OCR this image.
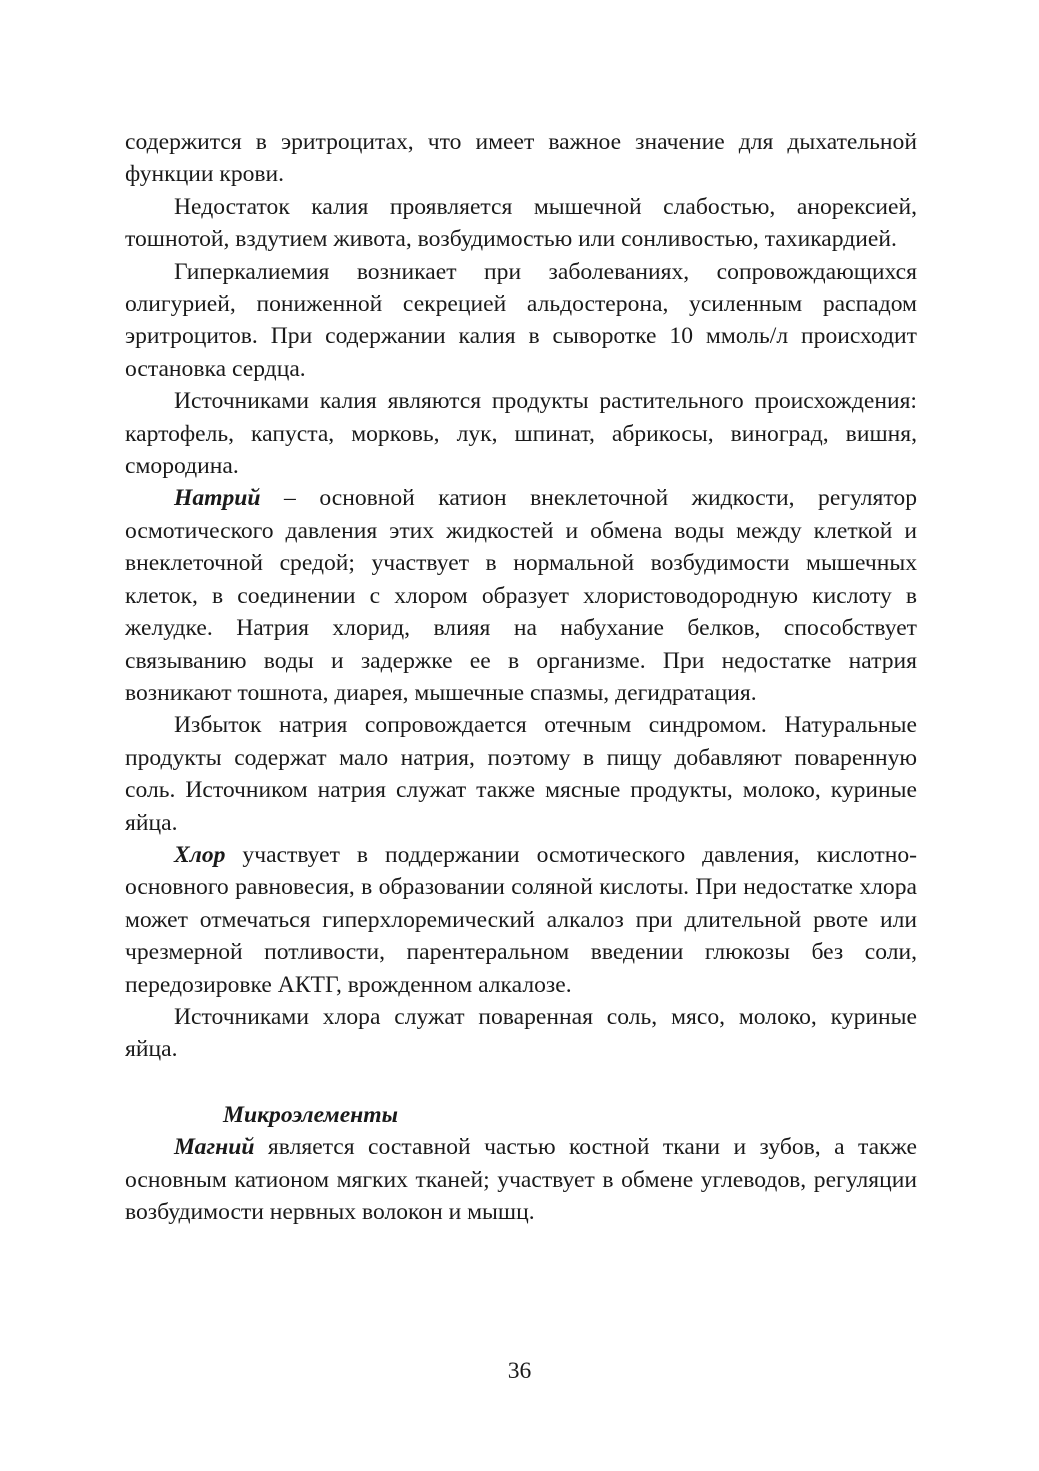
содержится в эритроцитах, что имеет важное значение для дыхательной функции крови.

Недостаток калия проявляется мышечной слабостью, анорексией, тошнотой, вздутием живота, возбудимостью или сонливостью, тахикардией.

Гиперкалиемия возникает при заболеваниях, сопровождающихся олигурией, пониженной секрецией альдостерона, усиленным распадом эритроцитов. При содержании калия в сыворотке 10 ммоль/л происходит остановка сердца.

Источниками калия являются продукты растительного происхождения: картофель, капуста, морковь, лук, шпинат, абрикосы, виноград, вишня, смородина.

Натрий – основной катион внеклеточной жидкости, регулятор осмотического давления этих жидкостей и обмена воды между клеткой и внеклеточной средой; участвует в нормальной возбудимости мышечных клеток, в соединении с хлором образует хлористоводородную кислоту в желудке. Натрия хлорид, влияя на набухание белков, способствует связыванию воды и задержке ее в организме. При недостатке натрия возникают тошнота, диарея, мышечные спазмы, дегидратация.

Избыток натрия сопровождается отечным синдромом. Натуральные продукты содержат мало натрия, поэтому в пищу добавляют поваренную соль. Источником натрия служат также мясные продукты, молоко, куриные яйца.

Хлор участвует в поддержании осмотического давления, кислотно-основного равновесия, в образовании соляной кислоты. При недостатке хлора может отмечаться гиперхлоремический алкалоз при длительной рвоте или чрезмерной потливости, парентеральном введении глюкозы без соли, передозировке АКТГ, врожденном алкалозе.

Источниками хлора служат поваренная соль, мясо, молоко, куриные яйца.

Микроэлементы

Магний является составной частью костной ткани и зубов, а также основным катионом мягких тканей; участвует в обмене углеводов, регуляции возбудимости нервных волокон и мышц.

36
